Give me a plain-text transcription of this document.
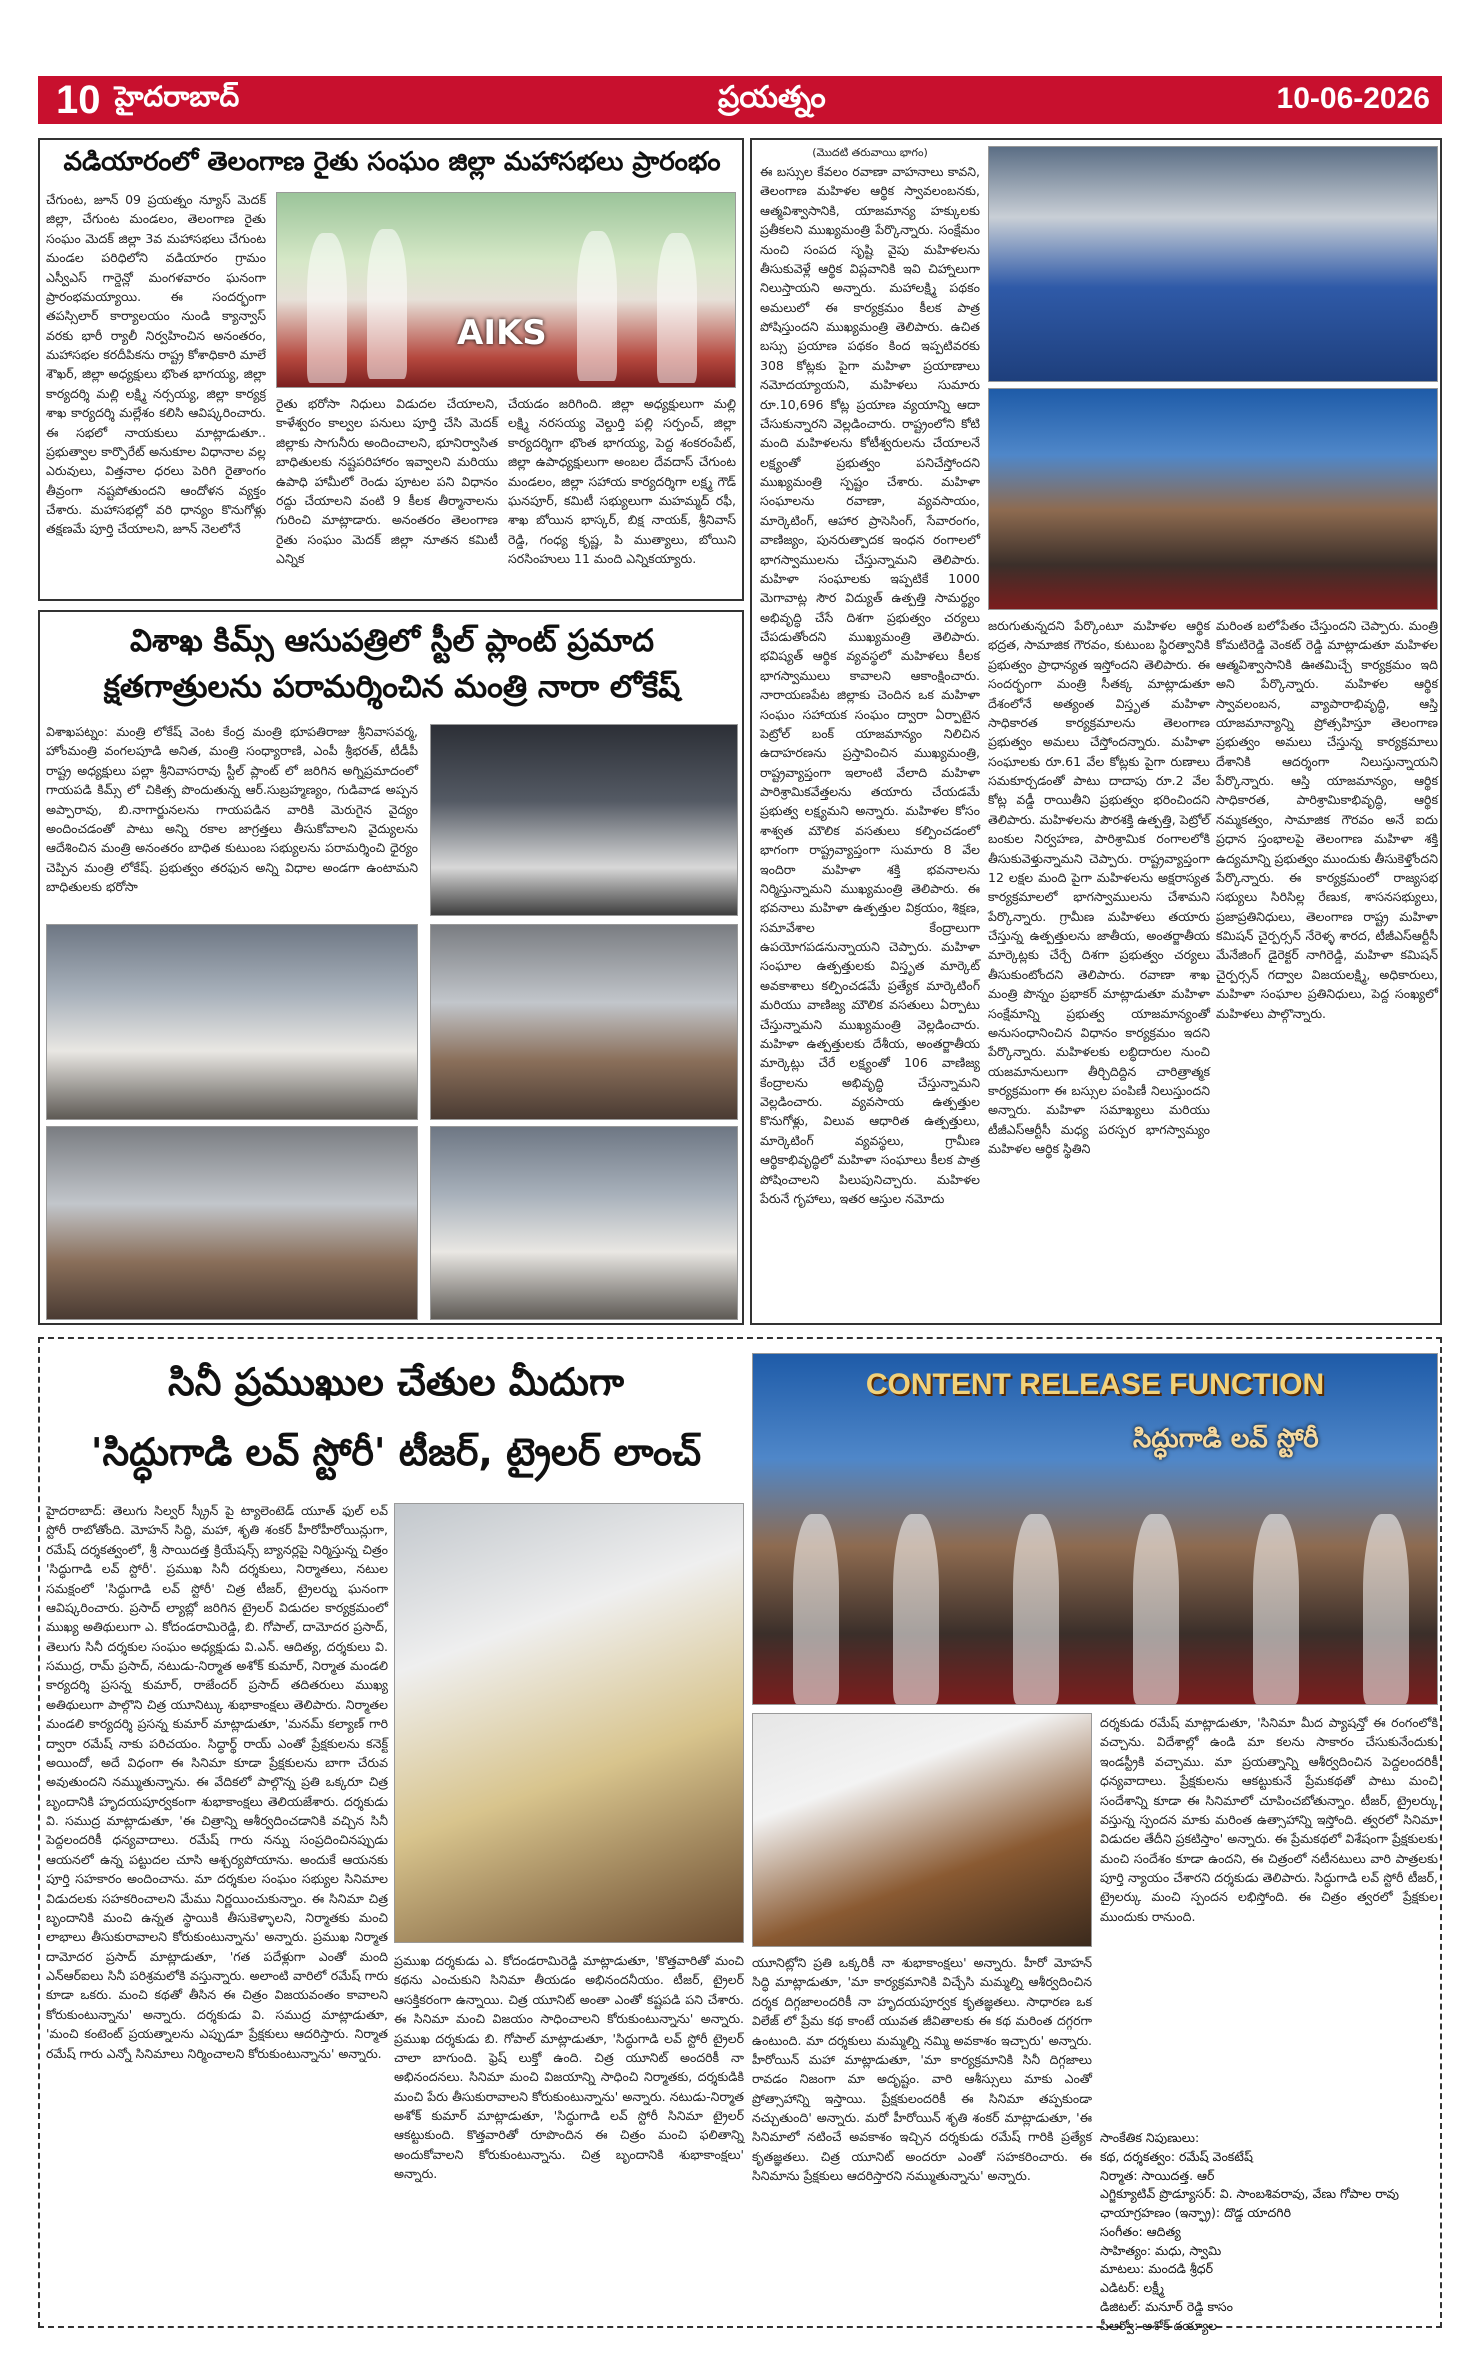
10 హైదరాబాద్	ప్రయత్నం	10-06-2026
వడియారంలో తెలంగాణ రైతు సంఘం జిల్లా మహాసభలు ప్రారంభం
చేగుంట, జూన్ 09 ప్రయత్నం న్యూస్ మెదక్ జిల్లా, చేగుంట మండలం, తెలంగాణ రైతు సంఘం మెదక్ జిల్లా 3వ మహాసభలు చేగుంట మండల పరిధిలోని వడియారం గ్రామం ఎస్వీఎస్ గార్డెన్లో మంగళవారం ఘనంగా ప్రారంభమయ్యాయి. ఈ సందర్భంగా తపస్సిలార్ కార్యాలయం నుండి క్యాన్వాస్ వరకు భారీ ర్యాలీ నిర్వహించిన అనంతరం, మహాసభల కరదీపికను రాష్ట్ర కోశాధికారి మాలే శౌఖర్, జిల్లా అధ్యక్షులు భొంత భాగయ్య, జిల్లా కార్యదర్శి మల్లి లక్ష్మి నర్సయ్య, జిల్లా కార్యక్ర శాఖ కార్యదర్శి మల్లేశం కలిసి ఆవిష్కరించారు. ఈ సభలో నాయకులు మాట్లాడుతూ.. ప్రభుత్వాల కార్పొరేట్ అనుకూల విధానాల వల్ల ఎరువులు, విత్తనాల ధరలు పెరిగి రైతాంగం తీవ్రంగా నష్టపోతుందని ఆందోళన వ్యక్తం చేశారు. మహాసభల్లో వరి ధాన్యం కొనుగోళ్లు తక్షణమే పూర్తి చేయాలని, జూన్ నెలలోనే
AIKS
రైతు భరోసా నిధులు విడుదల చేయాలని, కాళేశ్వరం కాల్వల పనులు పూర్తి చేసి మెదక్ జిల్లాకు సాగునీరు అందించాలని, భూనిర్వాసిత బాధితులకు నష్టపరిహారం ఇవ్వాలని మరియు ఉపాధి హామీలో రెండు పూటల పని విధానం రద్దు చేయాలని వంటి 9 కీలక తీర్మానాలను గురించి మాట్లాడారు. అనంతరం తెలంగాణ రైతు సంఘం మెదక్ జిల్లా నూతన కమిటీ ఎన్నిక
చేయడం జరిగింది. జిల్లా అధ్యక్షులుగా మల్లి లక్ష్మి నరసయ్య వెల్దుర్తి పల్లి సర్పంచ్, జిల్లా కార్యదర్శిగా భొంత భాగయ్య, పెద్ద శంకరంపేట్, జిల్లా ఉపాధ్యక్షులుగా అంబల దేవదాస్ చేగుంట మండలం, జిల్లా సహాయ కార్యదర్శిగా లక్ష్మ గౌడ్ ఘనపూర్, కమిటీ సభ్యులుగా మహమ్మద్ రఫీ, శాఖ బోయిన భాస్కర్, బిక్ష నాయక్, శ్రీనివాస్ రెడ్డి, గంధ్య కృష్ణ, పి ముత్యాలు, బోయిని సరసింహులు 11 మంది ఎన్నికయ్యారు.
విశాఖ కిమ్స్ ఆసుపత్రిలో స్టీల్ ప్లాంట్ ప్రమాద
క్షతగాత్రులను పరామర్శించిన మంత్రి నారా లోకేష్
విశాఖపట్నం: మంత్రి లోకేష్ వెంట కేంద్ర మంత్రి భూపతిరాజు శ్రీనివాసవర్మ, హోంమంత్రి వంగలపూడి అనిత, మంత్రి సంధ్యారాణి, ఎంపీ శ్రీభరత్, టీడీపీ రాష్ట్ర అధ్యక్షులు పల్లా శ్రీనివాసరావు స్టీల్ ప్లాంట్ లో జరిగిన అగ్నిప్రమాదంలో గాయపడి కిమ్స్ లో చికిత్స పొందుతున్న ఆర్.సుబ్రహ్మణ్యం, గుడివాడ అప్పన అప్పారావు, బి.నాగార్జునలను గాయపడిన వారికి మెరుగైన వైద్యం అందించడంతో పాటు అన్ని రకాల జాగ్రత్తలు తీసుకోవాలని వైద్యులను ఆదేశించిన మంత్రి అనంతరం బాధిత కుటుంబ సభ్యులను పరామర్శించి ధైర్యం చెప్పిన మంత్రి లోకేష్. ప్రభుత్వం తరఫున అన్ని విధాల అండగా ఉంటామని బాధితులకు భరోసా
(మొదటి తరువాయి భాగం)
ఈ బస్సుల కేవలం రవాణా వాహనాలు కావని, తెలంగాణ మహిళల ఆర్థిక స్వావలంబనకు, ఆత్మవిశ్వాసానికి, యాజమాన్య హక్కులకు ప్రతీకలని ముఖ్యమంత్రి పేర్కొన్నారు. సంక్షేమం నుంచి సంపద సృష్టి వైపు మహిళలను తీసుకువెళ్లే ఆర్థిక విప్లవానికి ఇవి చిహ్నాలుగా నిలుస్తాయని అన్నారు. మహాలక్ష్మి పథకం అమలులో ఈ కార్యక్రమం కీలక పాత్ర పోషిస్తుందని ముఖ్యమంత్రి తెలిపారు. ఉచిత బస్సు ప్రయాణ పథకం కింద ఇప్పటివరకు 308 కోట్లకు పైగా మహిళా ప్రయాణాలు నమోదయ్యాయని, మహిళలు సుమారు రూ.10,696 కోట్ల ప్రయాణ వ్యయాన్ని ఆదా చేసుకున్నారని వెల్లడించారు. రాష్ట్రంలోని కోటి మంది మహిళలను కోటీశ్వరులను చేయాలనే లక్ష్యంతో ప్రభుత్వం పనిచేస్తోందని ముఖ్యమంత్రి స్పష్టం చేశారు. మహిళా సంఘాలను రవాణా, వ్యవసాయం, మార్కెటింగ్, ఆహార ప్రాసెసింగ్, సేవారంగం, వాణిజ్యం, పునరుత్పాదక ఇంధన రంగాలలో భాగస్వాములను చేస్తున్నామని తెలిపారు. మహిళా సంఘాలకు ఇప్పటికే 1000 మెగావాట్ల సౌర విద్యుత్ ఉత్పత్తి సామర్థ్యం అభివృద్ధి చేసే దిశగా ప్రభుత్వం చర్యలు చేపడుతోందని ముఖ్యమంత్రి తెలిపారు. భవిష్యత్ ఆర్థిక వ్యవస్థలో మహిళలు కీలక భాగస్వాములు కావాలని ఆకాంక్షించారు. నారాయణపేట జిల్లాకు చెందిన ఒక మహిళా సంఘం సహాయక సంఘం ద్వారా ఏర్పాటైన పెట్రోల్ బంక్ యాజమాన్యం నిలిచిన ఉదాహరణను ప్రస్తావించిన ముఖ్యమంత్రి, రాష్ట్రవ్యాప్తంగా ఇలాంటి వేలాది మహిళా పారిశ్రామికవేత్తలను తయారు చేయడమే ప్రభుత్వ లక్ష్యమని అన్నారు. మహిళల కోసం శాశ్వత మౌలిక వసతులు కల్పించడంలో భాగంగా రాష్ట్రవ్యాప్తంగా సుమారు 8 వేల ఇందిరా మహిళా శక్తి భవనాలను నిర్మిస్తున్నామని ముఖ్యమంత్రి తెలిపారు. ఈ భవనాలు మహిళా ఉత్పత్తుల విక్రయం, శిక్షణ, సమావేశాల కేంద్రాలుగా ఉపయోగపడనున్నాయని చెప్పారు. మహిళా సంఘాల ఉత్పత్తులకు విస్తృత మార్కెట్ అవకాశాలు కల్పించడమే ప్రత్యేక మార్కెటింగ్ మరియు వాణిజ్య మౌలిక వసతులు ఏర్పాటు చేస్తున్నామని ముఖ్యమంత్రి వెల్లడించారు. మహిళా ఉత్పత్తులకు దేశీయ, అంతర్జాతీయ మార్కెట్లు చేరే లక్ష్యంతో 106 వాణిజ్య కేంద్రాలను అభివృద్ధి చేస్తున్నామని వెల్లడించారు. వ్యవసాయ ఉత్పత్తుల కొనుగోళ్లు, విలువ ఆధారిత ఉత్పత్తులు, మార్కెటింగ్ వ్యవస్థలు, గ్రామీణ ఆర్థికాభివృద్ధిలో మహిళా సంఘాలు కీలక పాత్ర పోషించాలని పిలుపునిచ్చారు. మహిళల పేరునే గృహాలు, ఇతర ఆస్తుల నమోదు
జరుగుతున్నదని పేర్కొంటూ మహిళల ఆర్థిక భద్రత, సామాజిక గౌరవం, కుటుంబ స్థిరత్వానికి ప్రభుత్వం ప్రాధాన్యత ఇస్తోందని తెలిపారు. ఈ సందర్భంగా మంత్రి సీతక్క మాట్లాడుతూ దేశంలోనే అత్యంత విస్తృత మహిళా సాధికారత కార్యక్రమాలను తెలంగాణ ప్రభుత్వం అమలు చేస్తోందన్నారు. మహిళా సంఘాలకు రూ.61 వేల కోట్లకు పైగా రుణాలు సమకూర్చడంతో పాటు దాదాపు రూ.2 వేల కోట్ల వడ్డీ రాయితీని ప్రభుత్వం భరించిందని తెలిపారు. మహిళలను పౌరశక్తి ఉత్పత్తి, పెట్రోల్ బంకుల నిర్వహణ, పారిశ్రామిక రంగాలలోకి తీసుకువెళ్తున్నామని చెప్పారు. రాష్ట్రవ్యాప్తంగా 12 లక్షల మంది పైగా మహిళలను అక్షరాస్యత కార్యక్రమాలలో భాగస్వాములను చేశామని పేర్కొన్నారు. గ్రామీణ మహిళలు తయారు చేస్తున్న ఉత్పత్తులను జాతీయ, అంతర్జాతీయ మార్కెట్లకు చేర్చే దిశగా ప్రభుత్వం చర్యలు తీసుకుంటోందని తెలిపారు. రవాణా శాఖ మంత్రి పొన్నం ప్రభాకర్ మాట్లాడుతూ మహిళా సంక్షేమాన్ని ప్రభుత్వ యాజమాన్యంతో అనుసంధానించిన విధానం కార్యక్రమం ఇదని పేర్కొన్నారు. మహిళలకు లబ్ధిదారుల నుంచి యజమానులుగా తీర్చిదిద్దిన చారిత్రాత్మక కార్యక్రమంగా ఈ బస్సుల పంపిణీ నిలుస్తుందని అన్నారు. మహిళా సమాఖ్యలు మరియు టీజీఎస్ఆర్టీసీ మధ్య పరస్పర భాగస్వామ్యం మహిళల ఆర్థిక స్థితిని
మరింత బలోపేతం చేస్తుందని చెప్పారు. మంత్రి కోమటిరెడ్డి వెంకట్ రెడ్డి మాట్లాడుతూ మహిళల ఆత్మవిశ్వాసానికి ఊతమిచ్చే కార్యక్రమం ఇది అని పేర్కొన్నారు. మహిళల ఆర్థిక స్వావలంబన, వ్యాపారాభివృద్ధి, ఆస్తి యాజమాన్యాన్ని ప్రోత్సహిస్తూ తెలంగాణ ప్రభుత్వం అమలు చేస్తున్న కార్యక్రమాలు దేశానికి ఆదర్శంగా నిలుస్తున్నాయని పేర్కొన్నారు. ఆస్తి యాజమాన్యం, ఆర్థిక సాధికారత, పారిశ్రామికాభివృద్ధి, ఆర్థిక నమ్మకత్వం, సామాజిక గౌరవం అనే ఐదు ప్రధాన స్తంభాలపై తెలంగాణ మహిళా శక్తి ఉద్యమాన్ని ప్రభుత్వం ముందుకు తీసుకెళ్తోందని పేర్కొన్నారు. ఈ కార్యక్రమంలో రాజ్యసభ సభ్యులు సిరిసిల్ల రేణుక, శాసనసభ్యులు, ప్రజాప్రతినిధులు, తెలంగాణ రాష్ట్ర మహిళా కమిషన్ చైర్పర్సన్ నేరెళ్ళ శారద, టీజీఎస్ఆర్టీసీ మేనేజింగ్ డైరెక్టర్ నాగిరెడ్డి, మహిళా కమిషన్ చైర్పర్సన్ గద్వాల విజయలక్ష్మి, అధికారులు, మహిళా సంఘాల ప్రతినిధులు, పెద్ద సంఖ్యలో మహిళలు పాల్గొన్నారు.
సినీ ప్రముఖుల చేతుల మీదుగా
'సిద్ధుగాడి లవ్ స్టోరీ' టీజర్, ట్రైలర్ లాంచ్
హైదరాబాద్: తెలుగు సిల్వర్ స్క్రీన్ పై ట్యాలెంటెడ్ యూత్ ఫుల్ లవ్ స్టోరీ రాబోతోంది. మోహన్ సిద్ధి, మహా, శృతి శంకర్ హీరోహీరోయిన్లుగా, రమేష్ దర్శకత్వంలో, శ్రీ సాయిదత్త క్రియేషన్స్ బ్యానర్లపై నిర్మిస్తున్న చిత్రం 'సిద్ధుగాడి లవ్ స్టోరీ'. ప్రముఖ సినీ దర్శకులు, నిర్మాతలు, నటుల సమక్షంలో 'సిద్ధుగాడి లవ్ స్టోరీ' చిత్ర టీజర్, ట్రైలర్ను ఘనంగా ఆవిష్కరించారు. ప్రసాద్ ల్యాబ్లో జరిగిన ట్రైలర్ విడుదల కార్యక్రమంలో ముఖ్య అతిథులుగా ఎ. కోదండరామిరెడ్డి, బి. గోపాల్, దామోదర ప్రసాద్, తెలుగు సినీ దర్శకుల సంఘం అధ్యక్షుడు వి.ఎన్. ఆదిత్య, దర్శకులు వి. సముద్ర, రామ్ ప్రసాద్, నటుడు-నిర్మాత అశోక్ కుమార్, నిర్మాత మండలి కార్యదర్శి ప్రసన్న కుమార్, రాజేందర్ ప్రసాద్ తదితరులు ముఖ్య అతిథులుగా పాల్గొని చిత్ర యూనిట్కు శుభాకాంక్షలు తెలిపారు. నిర్మాతల మండలి కార్యదర్శి ప్రసన్న కుమార్ మాట్లాడుతూ, 'మనమ్ కల్యాణ్ గారి ద్వారా రమేష్ నాకు పరిచయం. సిద్ధార్థ్ రాయ్ ఎంతో ప్రేక్షకులను కనెక్ట్ అయిందో, అదే విధంగా ఈ సినిమా కూడా ప్రేక్షకులను బాగా చేరువ అవుతుందని నమ్ముతున్నాను. ఈ వేదికలో పాల్గొన్న ప్రతి ఒక్కరూ చిత్ర బృందానికి హృదయపూర్వకంగా శుభాకాంక్షలు తెలియజేశారు. దర్శకుడు వి. సముద్ర మాట్లాడుతూ, 'ఈ చిత్రాన్ని ఆశీర్వదించడానికి వచ్చిన సినీ పెద్దలందరికీ ధన్యవాదాలు. రమేష్ గారు నన్ను సంప్రదించినప్పుడు ఆయనలో ఉన్న పట్టుదల చూసి ఆశ్చర్యపోయాను. అందుకే ఆయనకు పూర్తి సహకారం అందించాను. మా దర్శకుల సంఘం సభ్యుల సినిమాల విడుదలకు సహకరించాలని మేము నిర్ణయించుకున్నాం. ఈ సినిమా చిత్ర బృందానికి మంచి ఉన్నత స్థాయికి తీసుకెళ్ళాలని, నిర్మాతకు మంచి లాభాలు తీసుకురావాలని కోరుకుంటున్నాను' అన్నారు. ప్రముఖ నిర్మాత దామోదర ప్రసాద్ మాట్లాడుతూ, 'గత పదేళ్లుగా ఎంతో మంది ఎన్ఆర్ఐలు సినీ పరిశ్రమలోకి వస్తున్నారు. అలాంటి వారిలో రమేష్ గారు కూడా ఒకరు. మంచి కథతో తీసిన ఈ చిత్రం విజయవంతం కావాలని కోరుకుంటున్నాను' అన్నారు. దర్శకుడు వి. సముద్ర మాట్లాడుతూ, 'మంచి కంటెంట్ ప్రయత్నాలను ఎప్పుడూ ప్రేక్షకులు ఆదరిస్తారు. నిర్మాత రమేష్ గారు ఎన్నో సినిమాలు నిర్మించాలని కోరుకుంటున్నాను' అన్నారు.
ప్రముఖ దర్శకుడు ఎ. కోదండరామిరెడ్డి మాట్లాడుతూ, 'కొత్తవారితో మంచి కథను ఎంచుకుని సినిమా తీయడం అభినందనీయం. టీజర్, ట్రైలర్ ఆసక్తికరంగా ఉన్నాయి. చిత్ర యూనిట్ అంతా ఎంతో కష్టపడి పని చేశారు. ఈ సినిమా మంచి విజయం సాధించాలని కోరుకుంటున్నాను' అన్నారు. ప్రముఖ దర్శకుడు బి. గోపాల్ మాట్లాడుతూ, 'సిద్ధుగాడి లవ్ స్టోరీ ట్రైలర్ చాలా బాగుంది. ఫ్రెష్ లుక్తో ఉంది. చిత్ర యూనిట్ అందరికీ నా అభినందనలు. సినిమా మంచి విజయాన్ని సాధించి నిర్మాతకు, దర్శకుడికి మంచి పేరు తీసుకురావాలని కోరుకుంటున్నాను' అన్నారు. నటుడు-నిర్మాత అశోక్ కుమార్ మాట్లాడుతూ, 'సిద్ధుగాడి లవ్ స్టోరీ సినిమా ట్రైలర్ ఆకట్టుకుంది. కొత్తవారితో రూపొందిన ఈ చిత్రం మంచి ఫలితాన్ని అందుకోవాలని కోరుకుంటున్నాను. చిత్ర బృందానికి శుభాకాంక్షలు' అన్నారు.
CONTENT RELEASE FUNCTION
సిద్ధుగాడి లవ్ స్టోరీ
దర్శకుడు రమేష్ మాట్లాడుతూ, 'సినిమా మీద ప్యాషన్తో ఈ రంగంలోకి వచ్చాను. విదేశాల్లో ఉండి మా కలను సాకారం చేసుకునేందుకు ఇండస్ట్రీకి వచ్చాము. మా ప్రయత్నాన్ని ఆశీర్వదించిన పెద్దలందరికీ ధన్యవాదాలు. ప్రేక్షకులను ఆకట్టుకునే ప్రేమకథతో పాటు మంచి సందేశాన్ని కూడా ఈ సినిమాలో చూపించబోతున్నాం. టీజర్, ట్రైలర్కు వస్తున్న స్పందన మాకు మరింత ఉత్సాహాన్ని ఇస్తోంది. త్వరలో సినిమా విడుదల తేదీని ప్రకటిస్తాం' అన్నారు. ఈ ప్రేమకథలో విశేషంగా ప్రేక్షకులకు మంచి సందేశం కూడా ఉందని, ఈ చిత్రంలో నటీనటులు వారి పాత్రలకు పూర్తి న్యాయం చేశారని దర్శకుడు తెలిపారు. సిద్ధుగాడి లవ్ స్టోరీ టీజర్, ట్రైలర్కు మంచి స్పందన లభిస్తోంది. ఈ చిత్రం త్వరలో ప్రేక్షకుల ముందుకు రానుంది.
యూనిట్లోని ప్రతి ఒక్కరికీ నా శుభాకాంక్షలు' అన్నారు. హీరో మోహన్ సిద్ధి మాట్లాడుతూ, 'మా కార్యక్రమానికి విచ్చేసి మమ్మల్ని ఆశీర్వదించిన దర్శక దిగ్గజాలందరికీ నా హృదయపూర్వక కృతజ్ఞతలు. సాధారణ ఒక విలేజ్ లో ప్రేమ కథ కాంటే యువత జీవితాలకు ఈ కథ మరింత దగ్గరగా ఉంటుంది. మా దర్శకులు మమ్మల్ని నమ్మి అవకాశం ఇచ్చారు' అన్నారు. హీరోయిన్ మహా మాట్లాడుతూ, 'మా కార్యక్రమానికి సినీ దిగ్గజాలు రావడం నిజంగా మా అదృష్టం. వారి ఆశీస్సులు మాకు ఎంతో ప్రోత్సాహాన్ని ఇస్తాయి. ప్రేక్షకులందరికీ ఈ సినిమా తప్పకుండా నచ్చుతుంది' అన్నారు. మరో హీరోయిన్ శృతి శంకర్ మాట్లాడుతూ, 'ఈ సినిమాలో నటించే అవకాశం ఇచ్చిన దర్శకుడు రమేష్ గారికి ప్రత్యేక కృతజ్ఞతలు. చిత్ర యూనిట్ అందరూ ఎంతో సహకరించారు. ఈ సినిమాను ప్రేక్షకులు ఆదరిస్తారని నమ్ముతున్నాను' అన్నారు.
సాంకేతిక నిపుణులు:
కథ, దర్శకత్వం: రమేష్ వెంకటేష్
నిర్మాత: సాయిదత్త. ఆర్
ఎగ్జిక్యూటివ్ ప్రొడ్యూసర్: వి. సాంబశివరావు, వేణు గోపాల రావు
ఛాయాగ్రహణం (ఇన్ఫ్రా): దొడ్డ యాదగిరి
సంగీతం: ఆదిత్య
సాహిత్యం: మధు, స్వామి
మాటలు: మందడి శ్రీధర్
ఎడిటర్: లక్ష్మీ
డిజిటల్: మనూర్ రెడ్డి కాసం
పీఆర్వో: అశోక్ దయ్యాల
